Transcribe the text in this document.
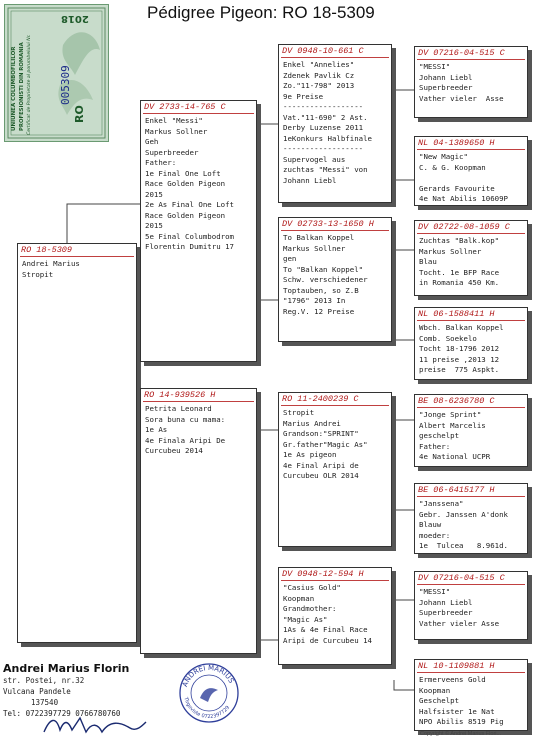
UNIUNEA COLUMBOFILILOR PROFESIONISTI DIN ROMANIA Certificat de Proprietate al porumbelului Nr.
2018
005309
RO
Pédigree Pigeon: RO 18-5309
RO 18-5309
Andrei Marius
Stropit
DV 2733-14-765 C
Enkel "Messi"
Markus Sollner
Geh
Superbreeder
Father:
1e Final One Loft
Race Golden Pigeon
2015
2e As Final One Loft
Race Golden Pigeon
2015
5e Final Columbodrom
Florentin Dumitru 17
RO 14-939526 H
Petrita Leonard
Sora buna cu mama:
1e As
4e Finala Aripi De
Curcubeu 2014
DV 0948-10-661 C
Enkel "Annelies"
Zdenek Pavlik Cz
Zo."11-798" 2013
9e Preise
------------------
Vat."11-690" 2 Ast.
Derby Luzense 2011
1eKonkurs Halbfinale
------------------
Supervogel aus
zuchtas "Messi" von
Johann Liebl
DV 02733-13-1650 H
To Balkan Koppel
Markus Sollner
gen
To "Balkan Koppel"
Schw. verschiedener
Toptauben, so Z.B
"1796" 2013 In
Reg.V. 12 Preise
RO 11-2400239 C
Stropit
Marius Andrei
Grandson:"SPRINT"
Gr.father"Magic As"
1e As pigeon
4e Final Aripi de
Curcubeu OLR 2014
DV 0948-12-594 H
"Casius Gold"
Koopman
Grandmother:
"Magic As"
1As & 4e Final Race
Aripi de Curcubeu 14
DV 07216-04-515 C
"MESSI"
Johann Liebl
Superbreeder
Vather vieler  Asse
NL 04-1389650 H
"New Magic"
C. & G. Koopman

Gerards Favourite
4e Nat Abilis 10609P
DV 02722-08-1059 C
Zuchtas "Balk.kop"
Markus Sollner
Blau
Tocht. 1e BFP Race
in Romania 450 Km.
NL 06-1588411 H
Wbch. Balkan Koppel
Comb. Soekelo
Tocht 18-1796 2012
11 preise ,2013 12
preise  775 Aspkt.
BE 08-6236780 C
"Jonge Sprint"
Albert Marcelis
geschelpt
Father:
4e National UCPR
BE 06-6415177 H
"Janssena"
Gebr. Janssen A'donk
Blauw
moeder:
1e  Tulcea   8.961d.
DV 07216-04-515 C
"MESSI"
Johann Liebl
Superbreeder
Vather vieler Asse
NL 10-1109881 H
Ermerveens Gold
Koopman
Geschelpt
Halfsister 1e Nat
NPO Abilis 8519 Pig
Andrei Marius Florin
str. Postei, nr.32
Vulcana Pandele
137540
Tel: 0722397729 0766780760
ANDREI MARIUS
Tîrgoviste 0722397729
Copyright © Andrei Marius Flori...
